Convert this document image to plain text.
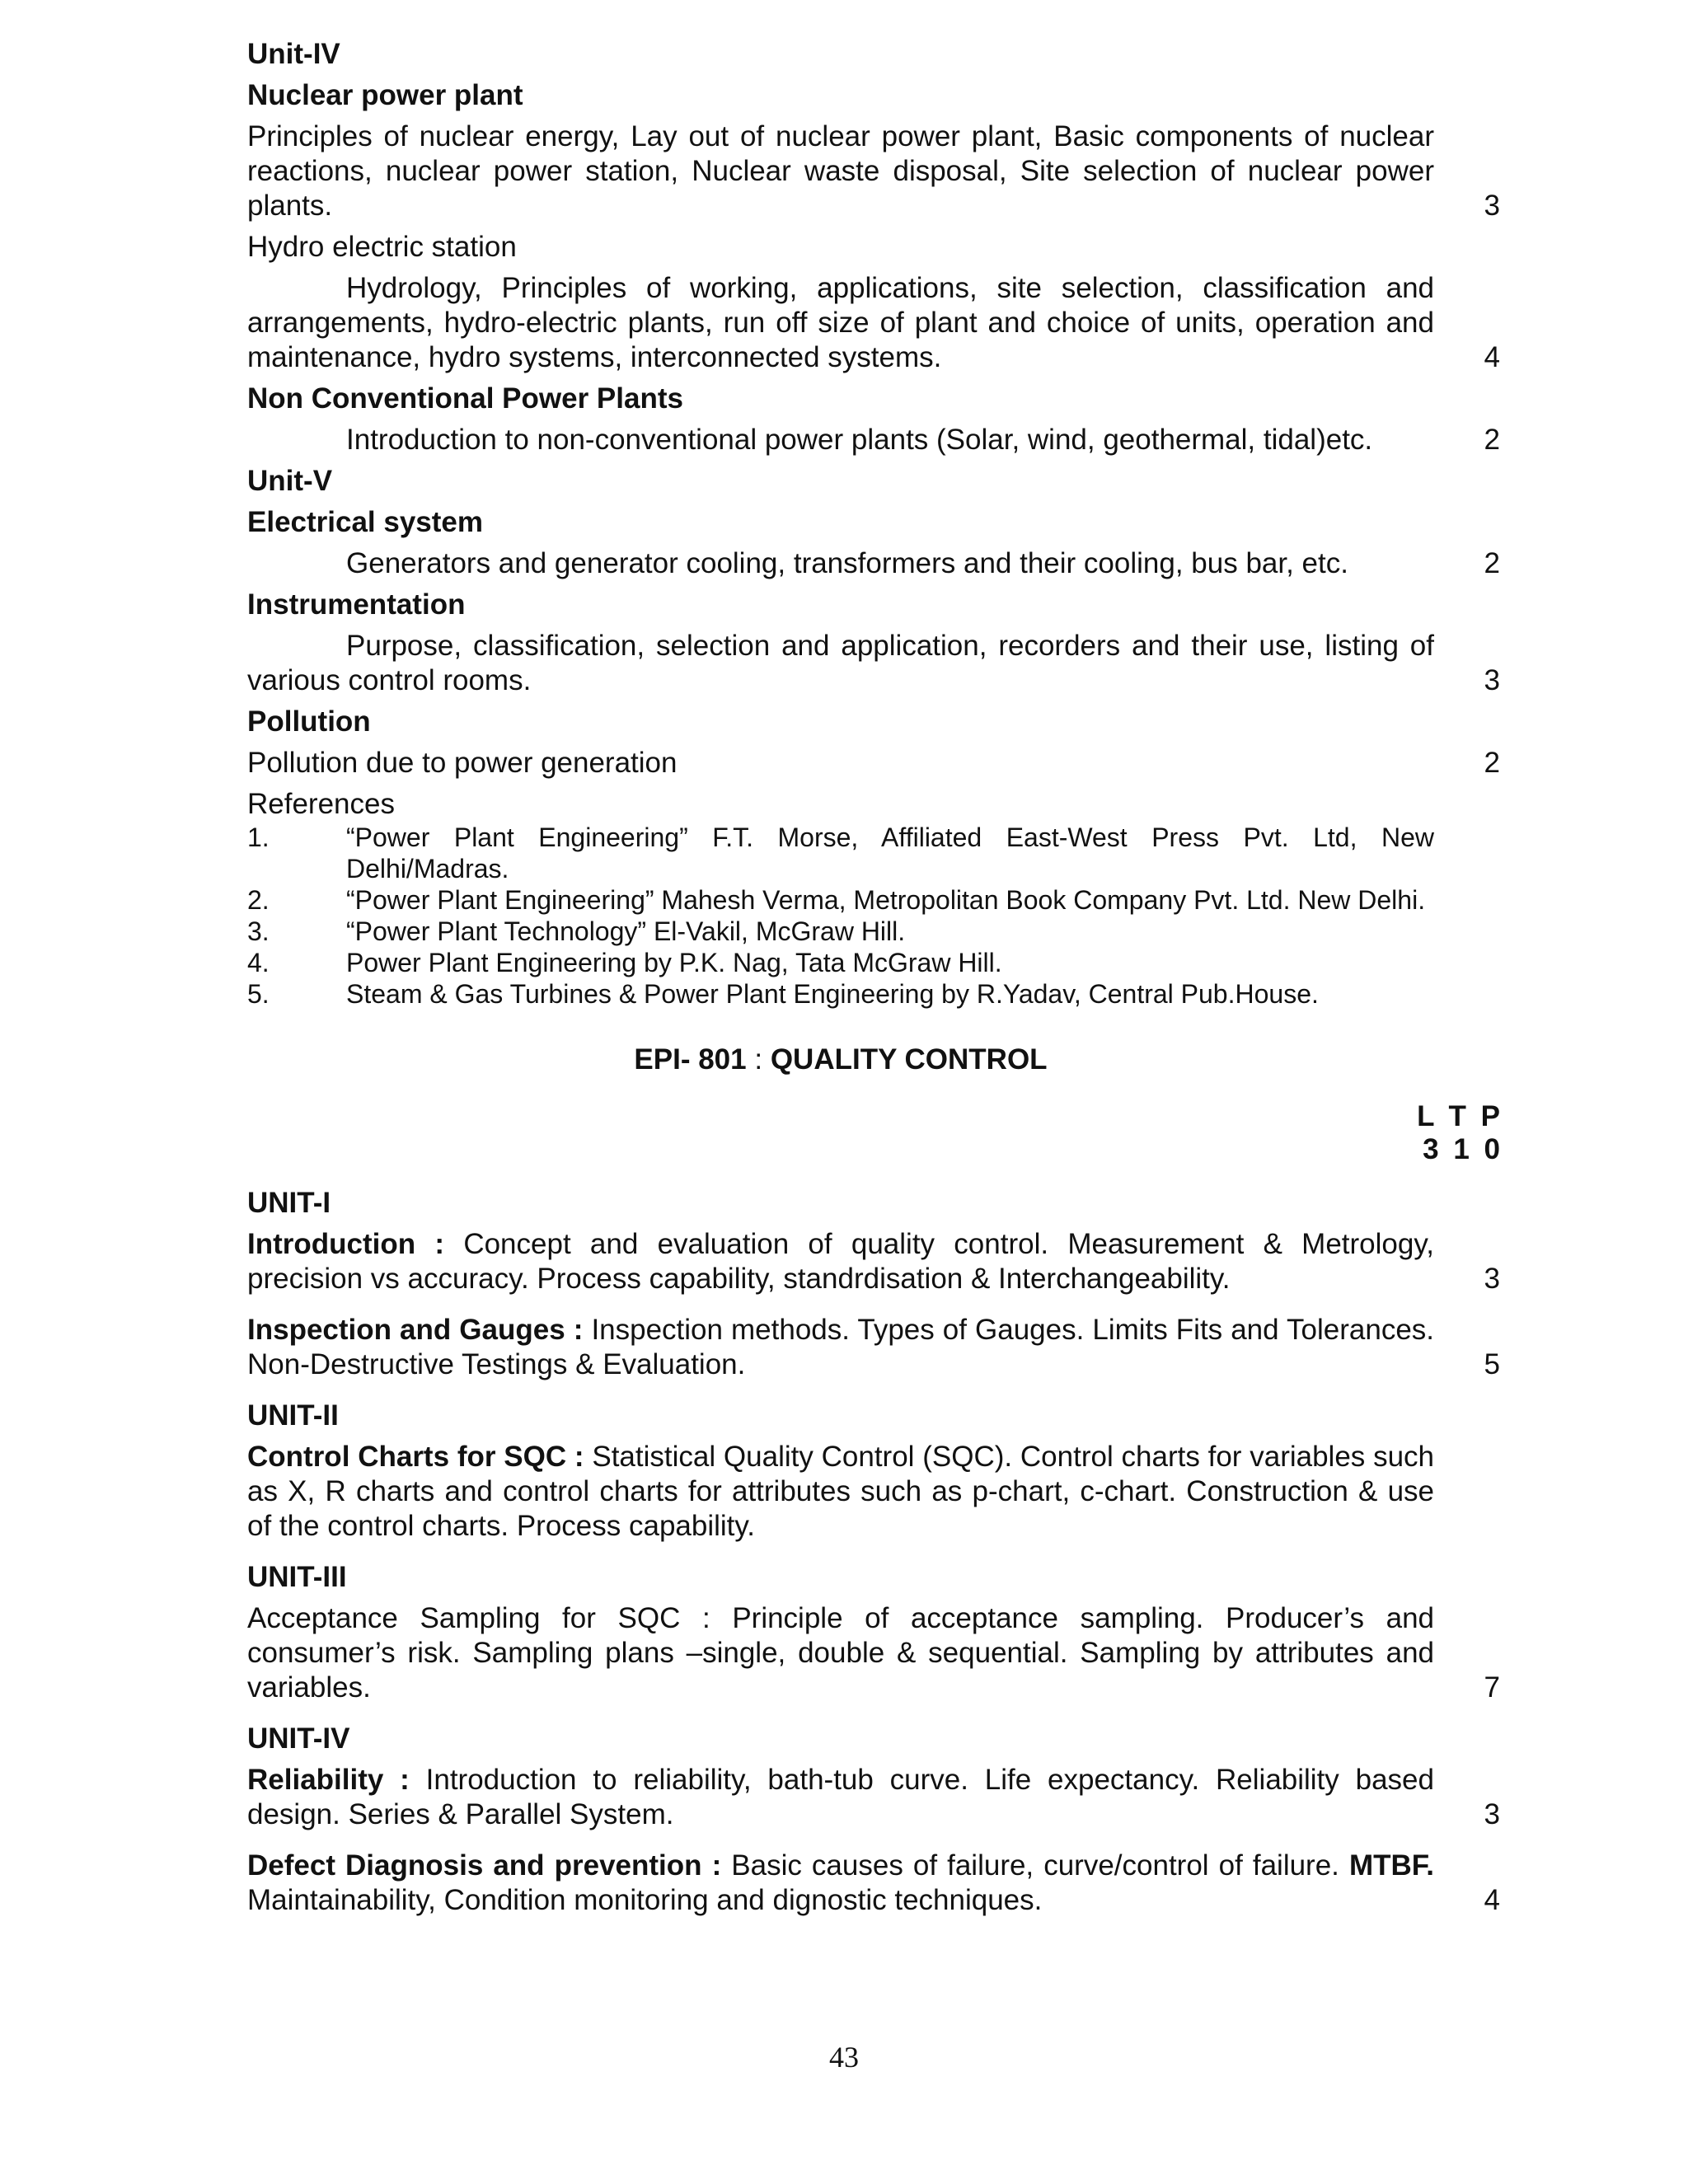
Unit-IV
Nuclear power plant
Principles of nuclear energy, Lay out of nuclear power plant, Basic components of nuclear reactions, nuclear power station, Nuclear waste disposal, Site selection of nuclear power plants.	3
Hydro electric station
Hydrology, Principles of working, applications, site selection, classification and arrangements, hydro-electric plants, run off size of plant and choice of units, operation and maintenance, hydro systems, interconnected systems.	4
Non Conventional Power Plants
Introduction to non-conventional power plants (Solar, wind, geothermal, tidal)etc.	2
Unit-V
Electrical system
Generators and generator cooling, transformers and their cooling, bus bar, etc.	2
Instrumentation
Purpose, classification, selection and application, recorders and their use, listing of various control rooms.	3
Pollution
Pollution due to power generation	2
References
1.	“Power Plant Engineering” F.T. Morse, Affiliated East-West Press Pvt. Ltd, New Delhi/Madras.
2.	“Power Plant Engineering” Mahesh Verma, Metropolitan Book Company Pvt. Ltd. New Delhi.
3.	“Power Plant Technology” El-Vakil, McGraw Hill.
4.	Power Plant Engineering by P.K. Nag, Tata McGraw Hill.
5.	Steam & Gas Turbines & Power Plant Engineering by R.Yadav, Central Pub.House.
EPI- 801 : QUALITY CONTROL
L T P
3 1 0
UNIT-I
Introduction : Concept and evaluation of quality control. Measurement & Metrology, precision vs accuracy. Process capability, standrdisation & Interchangeability.	3
Inspection and Gauges : Inspection methods. Types of Gauges. Limits Fits and Tolerances. Non-Destructive Testings & Evaluation.	5
UNIT-II
Control Charts for SQC : Statistical Quality Control (SQC). Control charts for variables such as X, R charts and control charts for attributes such as p-chart, c-chart. Construction & use of the control charts. Process capability.
UNIT-III
Acceptance Sampling for SQC : Principle of acceptance sampling. Producer’s and consumer’s risk. Sampling plans –single, double & sequential. Sampling by attributes and variables.	7
UNIT-IV
Reliability : Introduction to reliability, bath-tub curve. Life expectancy. Reliability based design. Series & Parallel System.	3
Defect Diagnosis and prevention : Basic causes of failure, curve/control of failure. MTBF. Maintainability, Condition monitoring and dignostic techniques.	4
43
